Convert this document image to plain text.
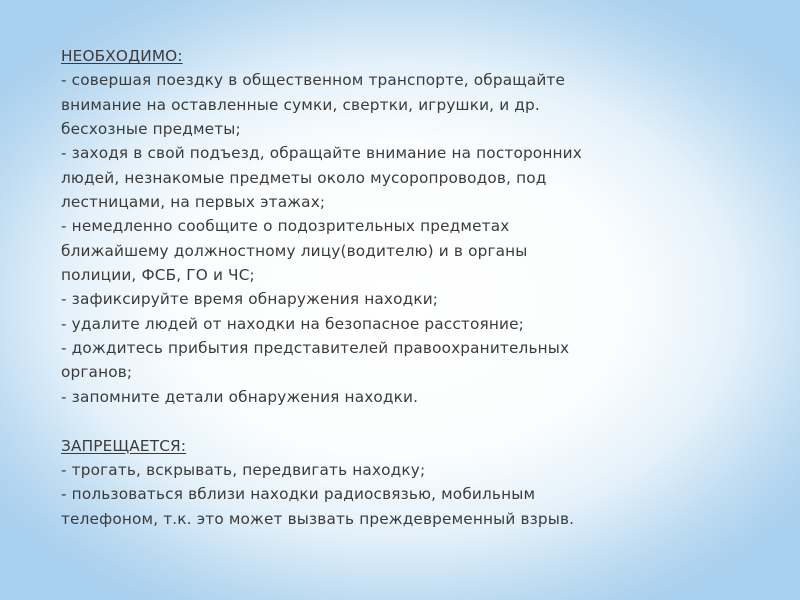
НЕОБХОДИМО:
- совершая поездку в общественном транспорте, обращайте
внимание на оставленные сумки, свертки, игрушки, и др.
бесхозные предметы;
- заходя в свой подъезд, обращайте внимание на посторонних
людей, незнакомые предметы около мусоропроводов, под
лестницами, на первых этажах;
- немедленно сообщите о подозрительных предметах
ближайшему должностному лицу(водителю) и в органы
полиции, ФСБ, ГО и ЧС;
- зафиксируйте время обнаружения находки;
- удалите людей от находки на безопасное расстояние;
- дождитесь прибытия представителей правоохранительных
органов;
- запомните детали обнаружения находки.
ЗАПРЕЩАЕТСЯ:
- трогать, вскрывать, передвигать находку;
- пользоваться вблизи находки радиосвязью, мобильным
телефоном, т.к. это может вызвать преждевременный взрыв.
